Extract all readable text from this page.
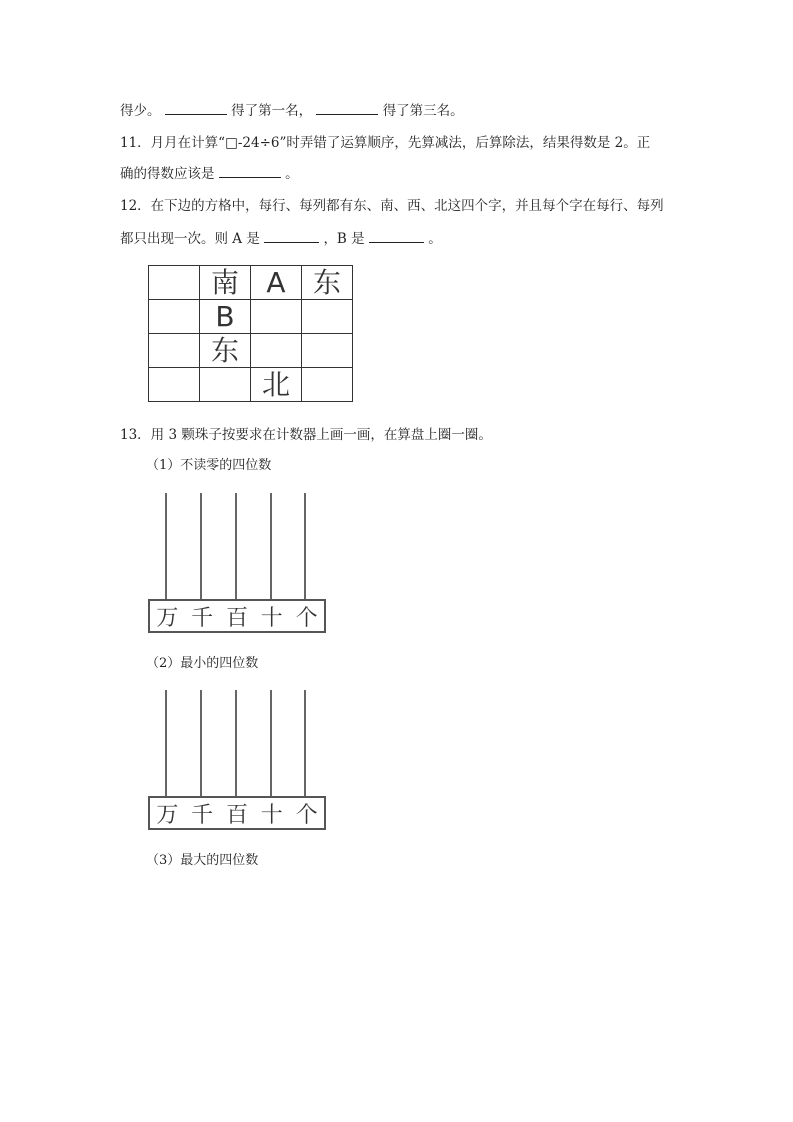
得少。	得了第一名，	得了第三名。
11．月月在计算“□-24÷6”时弄错了运算顺序，先算减法，后算除法，结果得数是 2。正
确的得数应该是	。
12．在下边的方格中，每行、每列都有东、南、西、北这四个字，并且每个字在每行、每列
都只出现一次。则 A 是	，B 是	。
	南	A	东
	B		
	东		
		北	
13．用 3 颗珠子按要求在计数器上画一画，在算盘上圈一圈。
（1）不读零的四位数
万 千 百 十 个
（2）最小的四位数
万 千 百 十 个
（3）最大的四位数
